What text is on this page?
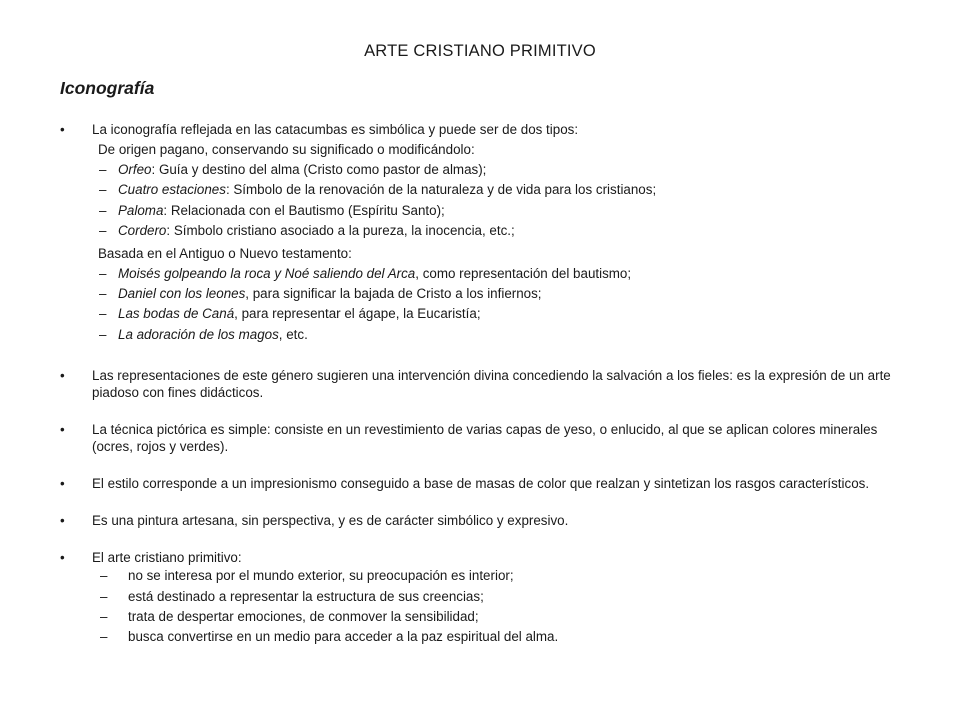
ARTE CRISTIANO PRIMITIVO
Iconografía
• La iconografía reflejada en las catacumbas es simbólica y puede ser de dos tipos:
De origen pagano, conservando su significado o modificándolo:
– Orfeo: Guía y destino del alma (Cristo como pastor de almas);
– Cuatro estaciones: Símbolo de la renovación de la naturaleza y de vida para los cristianos;
– Paloma: Relacionada con el Bautismo (Espíritu Santo);
– Cordero: Símbolo cristiano asociado a la pureza, la inocencia, etc.;
Basada en el Antiguo o Nuevo testamento:
– Moisés golpeando la roca y Noé saliendo del Arca, como representación del bautismo;
– Daniel con los leones, para significar la bajada de Cristo a los infiernos;
– Las bodas de Caná, para representar el ágape, la Eucaristía;
– La adoración de los magos, etc.
• Las representaciones de este género sugieren una intervención divina concediendo la salvación a los fieles: es la expresión de un arte piadoso con fines didácticos.
• La técnica pictórica es simple: consiste en un revestimiento de varias capas de yeso, o enlucido, al que se aplican colores minerales (ocres, rojos y verdes).
• El estilo corresponde a un impresionismo conseguido a base de masas de color que realzan y sintetizan los rasgos característicos.
• Es una pintura artesana, sin perspectiva, y es de carácter simbólico y expresivo.
• El arte cristiano primitivo:
– no se interesa por el mundo exterior, su preocupación es interior;
– está destinado a representar la estructura de sus creencias;
– trata de despertar emociones, de conmover la sensibilidad;
– busca convertirse en un medio para acceder a la paz espiritual del alma.
